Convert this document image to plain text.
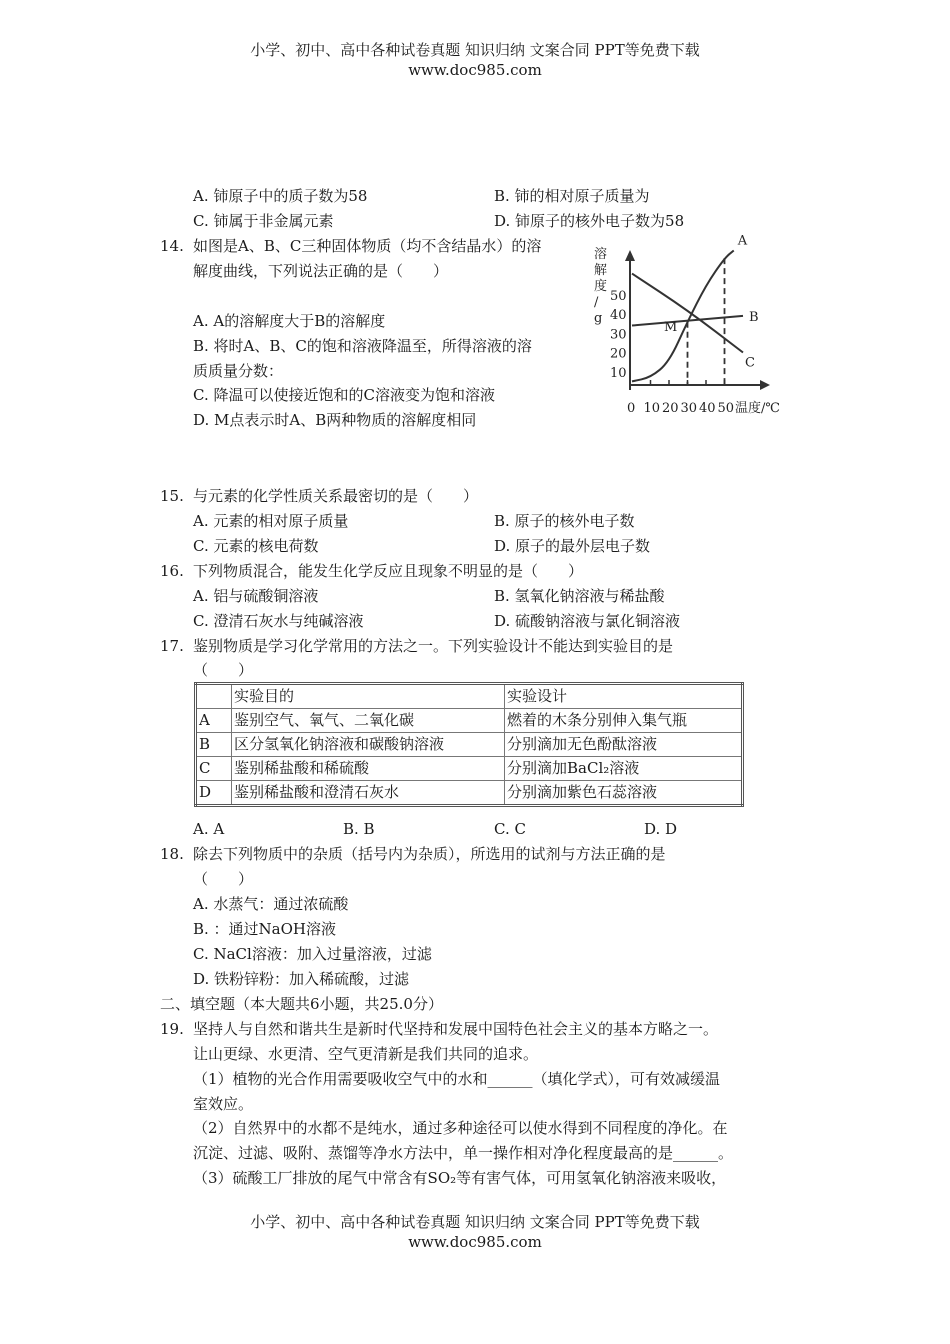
小学、初中、高中各种试卷真题 知识归纳 文案合同 PPT等免费下载
www.doc985.com
A. 铈原子中的质子数为58	B. 铈的相对原子质量为
C. 铈属于非金属元素	D. 铈原子的核外电子数为58
14. 如图是A、B、C三种固体物质（均不含结晶水）的溶
解度曲线，下列说法正确的是（　　）
A. A的溶解度大于B的溶解度
B. 将时A、B、C的饱和溶液降温至，所得溶液的溶
质质量分数：
C. 降温可以使接近饱和的C溶液变为饱和溶液
D. M点表示时A、B两种物质的溶解度相同
溶
解
度
/
g
10
20
30
40
50
0 10 20 30 40 50
A
B
C
温度/℃
M
15. 与元素的化学性质关系最密切的是（　　）
A. 元素的相对原子质量	B. 原子的核外电子数
C. 元素的核电荷数	D. 原子的最外层电子数
16. 下列物质混合，能发生化学反应且现象不明显的是（　　）
A. 铝与硫酸铜溶液	B. 氢氧化钠溶液与稀盐酸
C. 澄清石灰水与纯碱溶液	D. 硫酸钠溶液与氯化铜溶液
17. 鉴别物质是学习化学常用的方法之一。下列实验设计不能达到实验目的是
（　　）
	实验目的	实验设计
A	鉴别空气、氧气、二氧化碳	燃着的木条分别伸入集气瓶
B	区分氢氧化钠溶液和碳酸钠溶液	分别滴加无色酚酞溶液
C	鉴别稀盐酸和稀硫酸	分别滴加BaCl₂溶液
D	鉴别稀盐酸和澄清石灰水	分别滴加紫色石蕊溶液
A. A	B. B	C. C	D. D
18. 除去下列物质中的杂质（括号内为杂质），所选用的试剂与方法正确的是
（　　）
A. 水蒸气：通过浓硫酸
B. ：通过NaOH溶液
C. NaCl溶液：加入过量溶液，过滤
D. 铁粉锌粉：加入稀硫酸，过滤
二、填空题（本大题共6小题，共25.0分）
19. 坚持人与自然和谐共生是新时代坚持和发展中国特色社会主义的基本方略之一。
让山更绿、水更清、空气更清新是我们共同的追求。
（1）植物的光合作用需要吸收空气中的水和______（填化学式），可有效减缓温
室效应。
（2）自然界中的水都不是纯水，通过多种途径可以使水得到不同程度的净化。在
沉淀、过滤、吸附、蒸馏等净水方法中，单一操作相对净化程度最高的是______。
（3）硫酸工厂排放的尾气中常含有SO₂等有害气体，可用氢氧化钠溶液来吸收，
小学、初中、高中各种试卷真题 知识归纳 文案合同 PPT等免费下载
www.doc985.com
